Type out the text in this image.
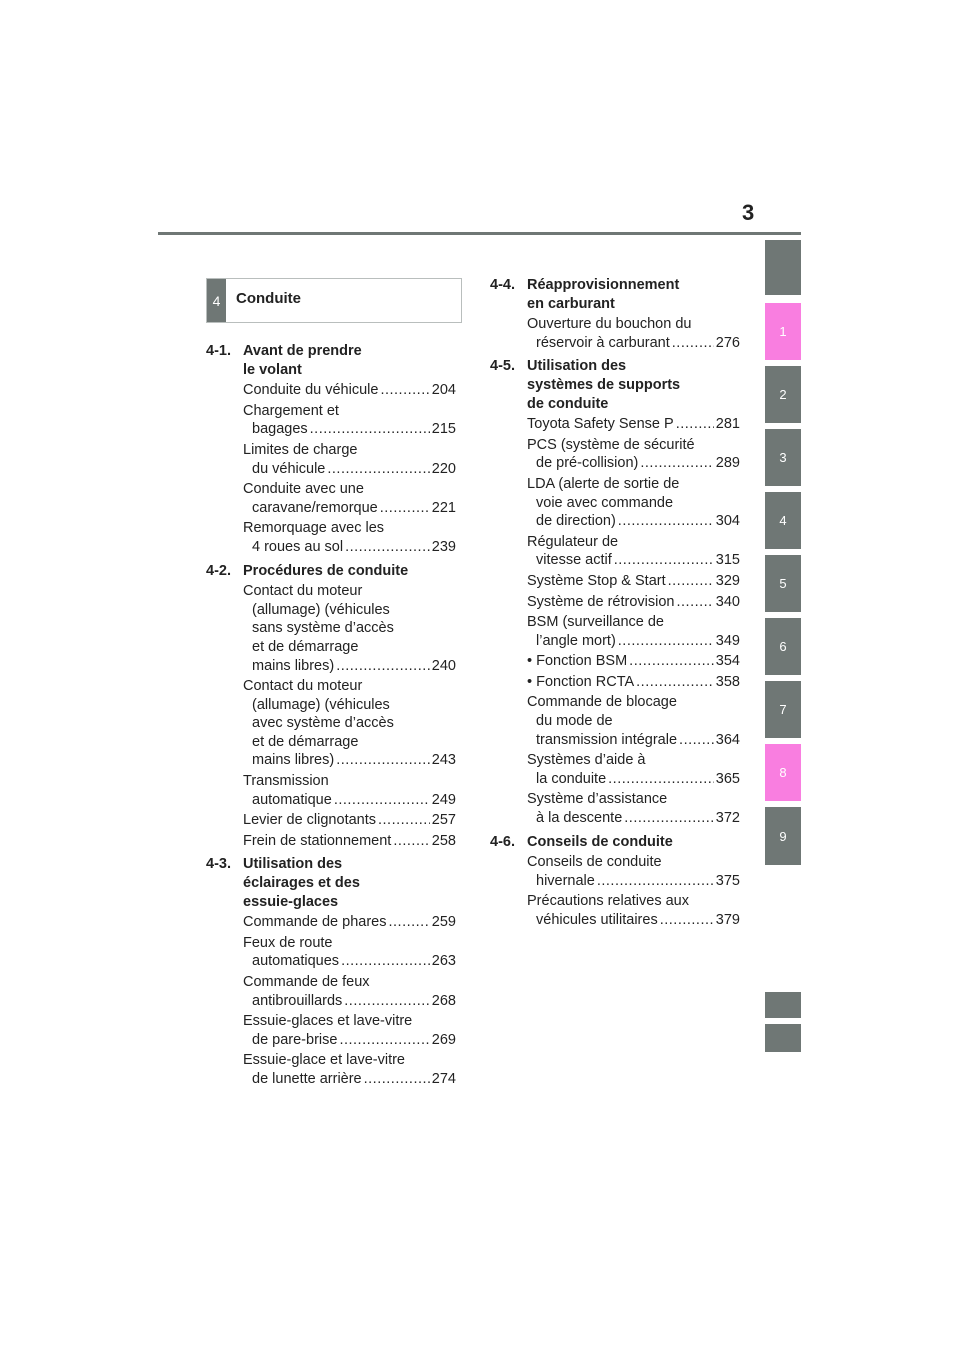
3
1
2
3
4
5
6
7
8
9
4	Conduite
4-1. Avant de prendre
le volant
Conduite du véhicule .....	204
Chargement et
bagages .....	215
Limites de charge
du véhicule .....	220
Conduite avec une
caravane/remorque .....	221
Remorquage avec les
4 roues au sol .....	239
4-2. Procédures de conduite
Contact du moteur
(allumage) (véhicules
sans système d’accès
et de démarrage
mains libres) .....	240
Contact du moteur
(allumage) (véhicules
avec système d’accès
et de démarrage
mains libres) .....	243
Transmission
automatique .....	249
Levier de clignotants .....	257
Frein de stationnement .....	258
4-3. Utilisation des
éclairages et des
essuie-glaces
Commande de phares .....	259
Feux de route
automatiques .....	263
Commande de feux
antibrouillards .....	268
Essuie-glaces et lave-vitre
de pare-brise .....	269
Essuie-glace et lave-vitre
de lunette arrière .....	274
4-4. Réapprovisionnement
en carburant
Ouverture du bouchon du
réservoir à carburant .....	276
4-5. Utilisation des
systèmes de supports
de conduite
Toyota Safety Sense P .....	281
PCS (système de sécurité
de pré-collision) .....	289
LDA (alerte de sortie de
voie avec commande
de direction) .....	304
Régulateur de
vitesse actif .....	315
Système Stop & Start .....	329
Système de rétrovision .....	340
BSM (surveillance de
l’angle mort) .....	349
• Fonction BSM .....	354
• Fonction RCTA .....	358
Commande de blocage
du mode de
transmission intégrale .....	364
Systèmes d’aide à
la conduite .....	365
Système d’assistance
à la descente .....	372
4-6. Conseils de conduite
Conseils de conduite
hivernale .....	375
Précautions relatives aux
véhicules utilitaires .....	379
